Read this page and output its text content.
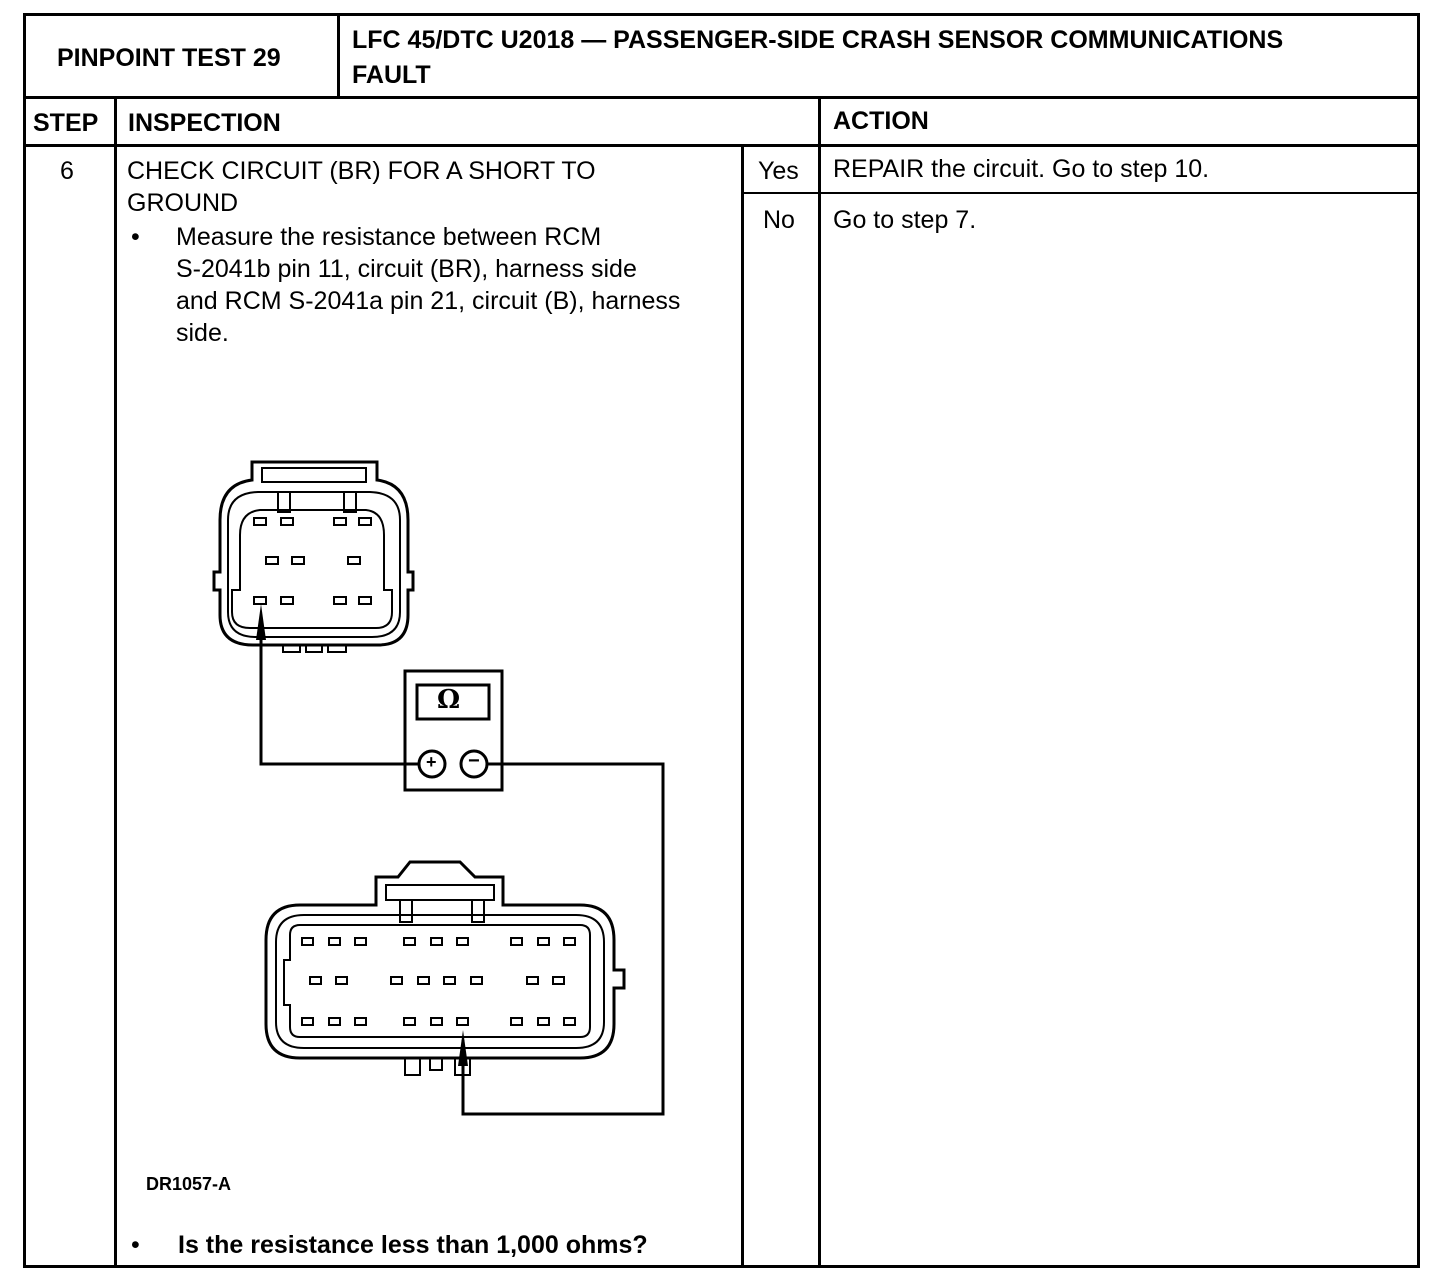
PINPOINT TEST 29
LFC 45/DTC U2018 — PASSENGER-SIDE CRASH SENSOR COMMUNICATIONS
FAULT
STEP INSPECTION	ACTION
6 CHECK CIRCUIT (BR) FOR A SHORT TO
GROUND
• Measure the resistance between RCM
S-2041b pin 11, circuit (BR), harness side
and RCM S-2041a pin 21, circuit (B), harness
side.
Yes REPAIR the circuit. Go to step 10.
No Go to step 7.
Ω
+ −
DR1057-A
• Is the resistance less than 1,000 ohms?
